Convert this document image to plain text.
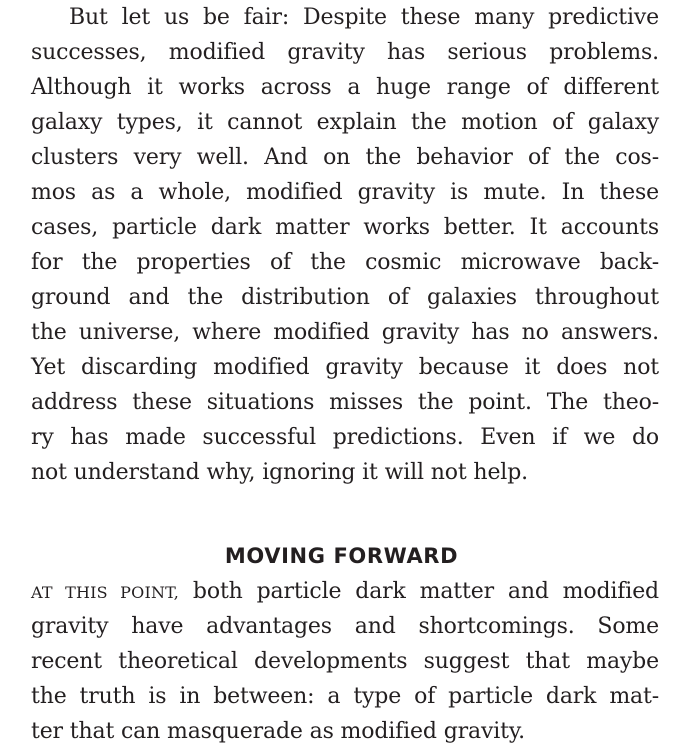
But let us be fair: Despite these many predictive
successes, modified gravity has serious problems.
Although it works across a huge range of different
galaxy types, it cannot explain the motion of galaxy
clusters very well. And on the behavior of the cos-
mos as a whole, modified gravity is mute. In these
cases, particle dark matter works better. It accounts
for the properties of the cosmic microwave back-
ground and the distribution of galaxies throughout
the universe, where modified gravity has no answers.
Yet discarding modified gravity because it does not
address these situations misses the point. The theo-
ry has made successful predictions. Even if we do
not understand why, ignoring it will not help.
MOVING FORWARD
AT THIS POINT, both particle dark matter and modified
gravity have advantages and shortcomings. Some
recent theoretical developments suggest that maybe
the truth is in between: a type of particle dark mat-
ter that can masquerade as modified gravity.
